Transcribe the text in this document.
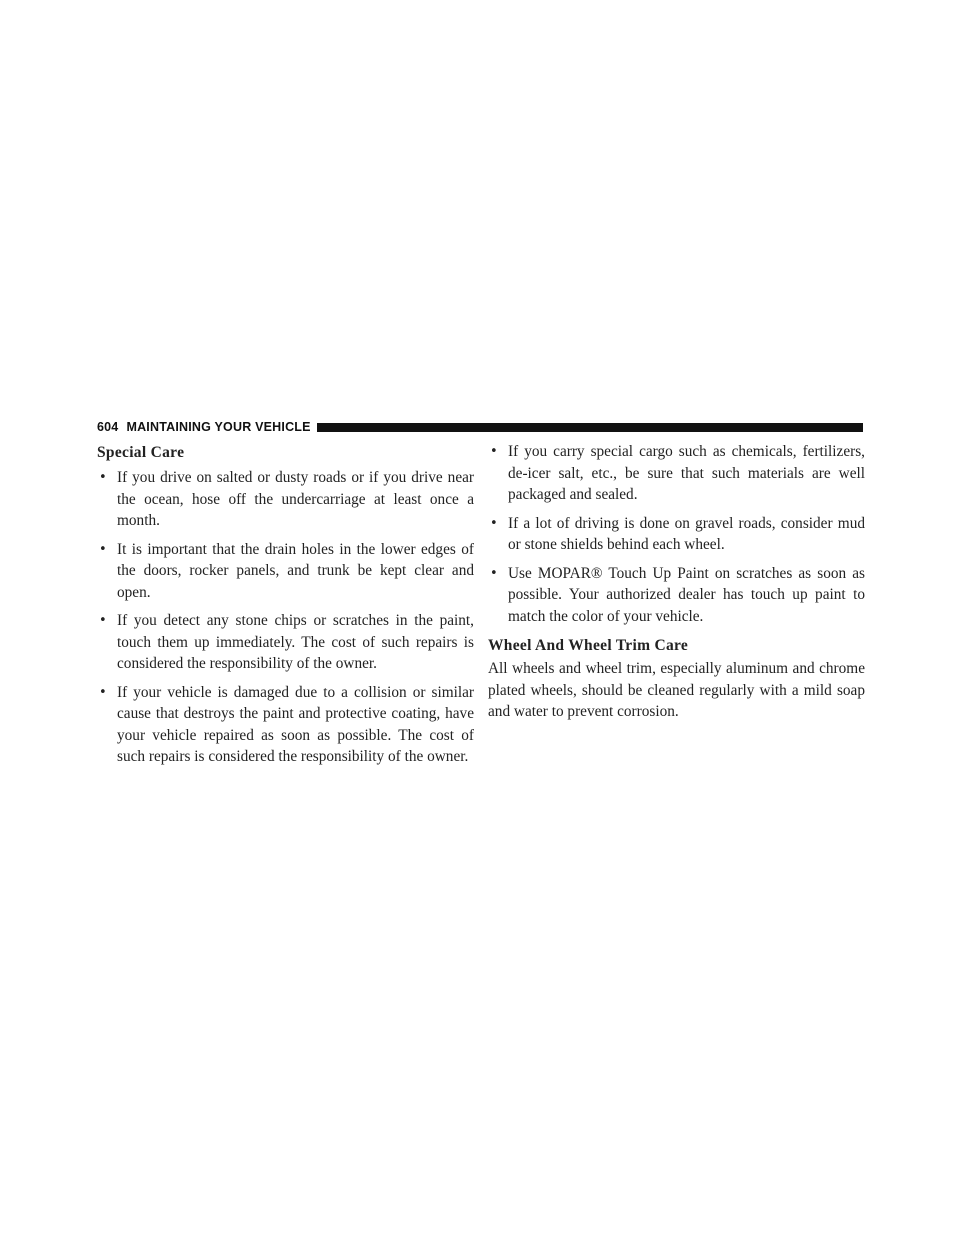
604 MAINTAINING YOUR VEHICLE
Special Care
• If you drive on salted or dusty roads or if you drive near the ocean, hose off the undercarriage at least once a month.
• It is important that the drain holes in the lower edges of the doors, rocker panels, and trunk be kept clear and open.
• If you detect any stone chips or scratches in the paint, touch them up immediately. The cost of such repairs is considered the responsibility of the owner.
• If your vehicle is damaged due to a collision or similar cause that destroys the paint and protective coating, have your vehicle repaired as soon as possible. The cost of such repairs is considered the responsibility of the owner.
• If you carry special cargo such as chemicals, fertilizers, de-icer salt, etc., be sure that such materials are well packaged and sealed.
• If a lot of driving is done on gravel roads, consider mud or stone shields behind each wheel.
• Use MOPAR® Touch Up Paint on scratches as soon as possible. Your authorized dealer has touch up paint to match the color of your vehicle.
Wheel And Wheel Trim Care

All wheels and wheel trim, especially aluminum and chrome plated wheels, should be cleaned regularly with a mild soap and water to prevent corrosion.
